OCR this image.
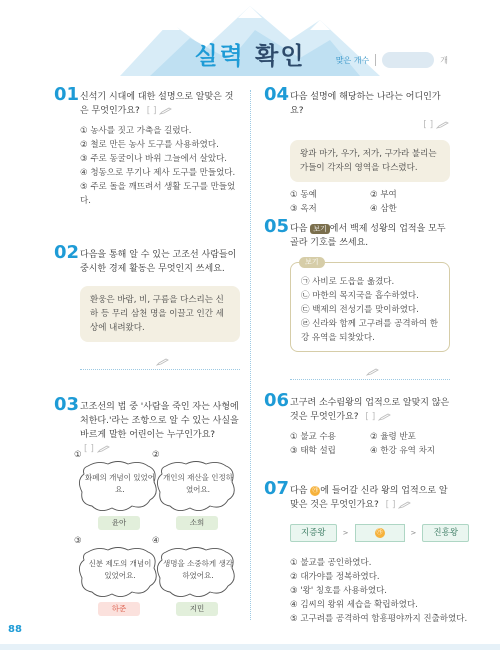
실력 확인	맞은 개수	개
01 신석기 시대에 대한 설명으로 알맞은 것은 무엇인가요? [ ]
① 농사를 짓고 가축을 길렀다.
② 철로 만든 농사 도구를 사용하였다.
③ 주로 동굴이나 바위 그늘에서 살았다.
④ 청동으로 무기나 제사 도구를 만들었다.
⑤ 주로 돌을 깨뜨려서 생활 도구를 만들었다.
02 다음을 통해 알 수 있는 고조선 사람들이 중시한 경제 활동은 무엇인지 쓰세요.
환웅은 바람, 비, 구름을 다스리는 신하 등 무리 삼천 명을 이끌고 인간 세상에 내려왔다.
03 고조선의 법 중 '사람을 죽인 자는 사형에 처한다.'라는 조항으로 알 수 있는 사실을 바르게 말한 어린이는 누구인가요? [ ]
①
화폐의 개념이 있었어요.
윤아
②
개인의 재산을 인정하였어요.
소희
③
신분 제도의 개념이 있었어요.
하준
④
생명을 소중하게 생각하였어요.
지민
04 다음 설명에 해당하는 나라는 어디인가요?
[ ]
왕과 마가, 우가, 저가, 구가라 불리는 가들이 각자의 영역을 다스렸다.
① 동예	② 부여
③ 옥저	④ 삼한
05 다음 보기 에서 백제 성왕의 업적을 모두 골라 기호를 쓰세요.
보기
㉠ 사비로 도읍을 옮겼다.
㉡ 마한의 목지국을 흡수하였다.
㉢ 백제의 전성기를 맞이하였다.
㉣ 신라와 함께 고구려를 공격하여 한강 유역을 되찾았다.
06 고구려 소수림왕의 업적으로 알맞지 않은 것은 무엇인가요? [ ]
① 불교 수용	② 율령 반포
③ 태학 설립	④ 한강 유역 차지
07 다음 ㉮ 에 들어갈 신라 왕의 업적으로 알맞은 것은 무엇인가요? [ ]
지증왕	>	㉮	>	진흥왕
① 불교를 공인하였다.
② 대가야를 정복하였다.
③ '왕' 칭호를 사용하였다.
④ 김씨의 왕위 세습을 확립하였다.
⑤ 고구려를 공격하여 함흥평야까지 진출하였다.
88
